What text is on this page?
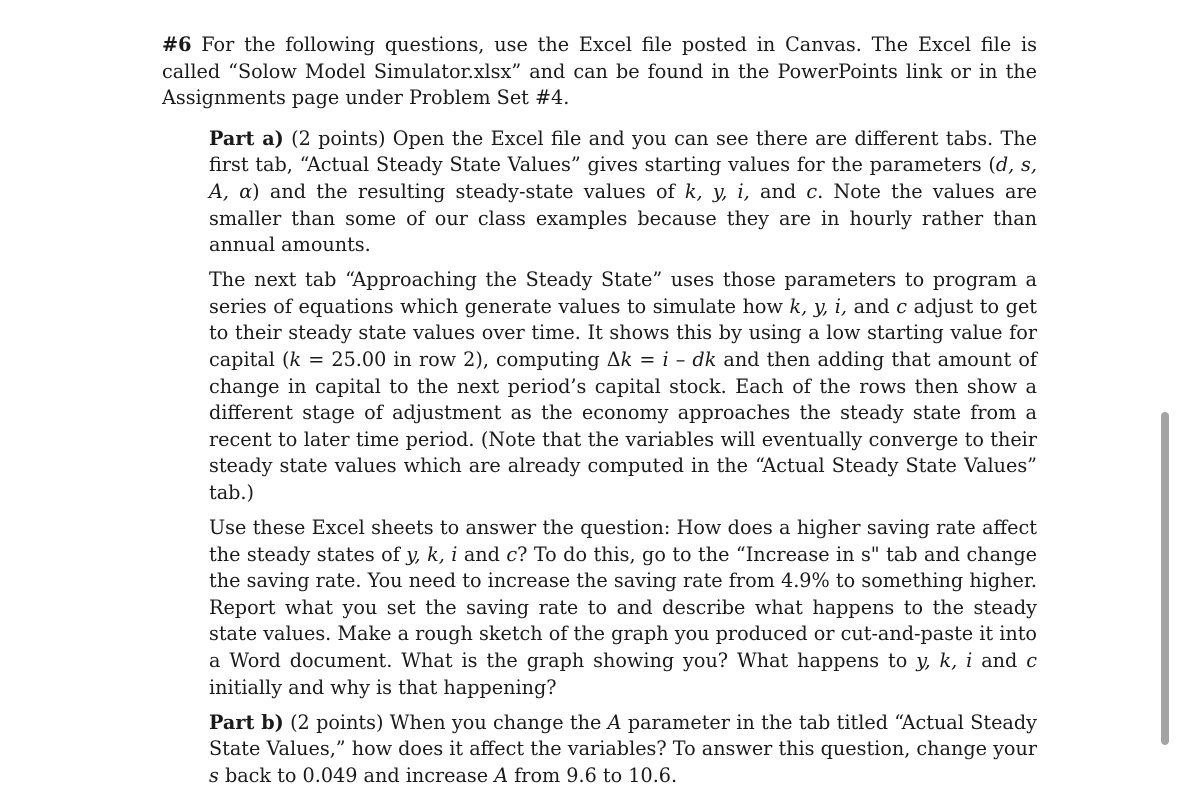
#6 For the following questions, use the Excel file posted in Canvas. The Excel file is called “Solow Model Simulator.xlsx” and can be found in the PowerPoints link or in the Assignments page under Problem Set #4.

Part a) (2 points) Open the Excel file and you can see there are different tabs. The first tab, “Actual Steady State Values” gives starting values for the parameters (d, s, A, α) and the resulting steady-state values of k, y, i, and c. Note the values are smaller than some of our class examples because they are in hourly rather than annual amounts.

The next tab “Approaching the Steady State” uses those parameters to program a series of equations which generate values to simulate how k, y, i, and c adjust to get to their steady state values over time. It shows this by using a low starting value for capital (k = 25.00 in row 2), computing Δk = i – dk and then adding that amount of change in capital to the next period’s capital stock. Each of the rows then show a different stage of adjustment as the economy approaches the steady state from a recent to later time period. (Note that the variables will eventually converge to their steady state values which are already computed in the “Actual Steady State Values” tab.)

Use these Excel sheets to answer the question: How does a higher saving rate affect the steady states of y, k, i and c? To do this, go to the “Increase in s" tab and change the saving rate. You need to increase the saving rate from 4.9% to something higher. Report what you set the saving rate to and describe what happens to the steady state values. Make a rough sketch of the graph you produced or cut-and-paste it into a Word document. What is the graph showing you? What happens to y, k, i and c initially and why is that happening?

Part b) (2 points) When you change the A parameter in the tab titled “Actual Steady State Values,” how does it affect the variables? To answer this question, change your s back to 0.049 and increase A from 9.6 to 10.6.
